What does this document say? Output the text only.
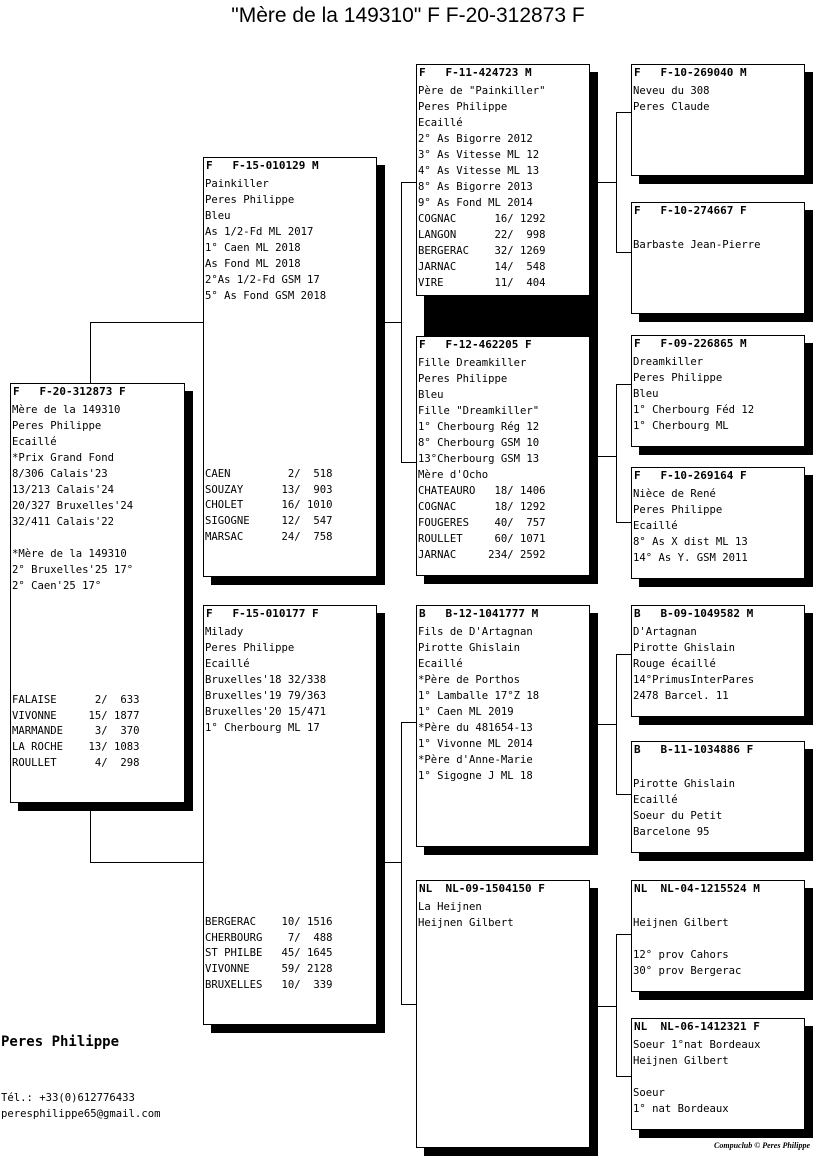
"Mère de la 149310" F F-20-312873 F
F   F-20-312873 F
Mère de la 149310
Peres Philippe
Ecaillé
*Prix Grand Fond
8/306 Calais'23
13/213 Calais'24
20/327 Bruxelles'24
32/411 Calais'22

*Mère de la 149310
2° Bruxelles'25 17°
2° Caen'25 17°
FALAISE      2/  633
VIVONNE     15/ 1877
MARMANDE     3/  370
LA ROCHE    13/ 1083
ROULLET      4/  298
F   F-15-010129 M
Painkiller
Peres Philippe
Bleu
As 1/2-Fd ML 2017
1° Caen ML 2018
As Fond ML 2018
2°As 1/2-Fd GSM 17
5° As Fond GSM 2018
CAEN         2/  518
SOUZAY      13/  903
CHOLET      16/ 1010
SIGOGNE     12/  547
MARSAC      24/  758
F   F-15-010177 F
Milady
Peres Philippe
Ecaillé
Bruxelles'18 32/338
Bruxelles'19 79/363
Bruxelles'20 15/471
1° Cherbourg ML 17
BERGERAC    10/ 1516
CHERBOURG    7/  488
ST PHILBE   45/ 1645
VIVONNE     59/ 2128
BRUXELLES   10/  339
F   F-11-424723 M
Père de "Painkiller"
Peres Philippe
Ecaillé
2° As Bigorre 2012
3° As Vitesse ML 12
4° As Vitesse ML 13
8° As Bigorre 2013
9° As Fond ML 2014
COGNAC      16/ 1292
LANGON      22/  998
BERGERAC    32/ 1269
JARNAC      14/  548
VIRE        11/  404
F   F-12-462205 F
Fille Dreamkiller
Peres Philippe
Bleu
Fille "Dreamkiller"
1° Cherbourg Rég 12
8° Cherbourg GSM 10
13°Cherbourg GSM 13
Mère d'Ocho
CHATEAURO   18/ 1406
COGNAC      18/ 1292
FOUGERES    40/  757
ROULLET     60/ 1071
JARNAC     234/ 2592
B   B-12-1041777 M
Fils de D'Artagnan
Pirotte Ghislain
Ecaillé
*Père de Porthos
1° Lamballe 17°Z 18
1° Caen ML 2019
*Père du 481654-13
1° Vivonne ML 2014
*Père d'Anne-Marie
1° Sigogne J ML 18
NL  NL-09-1504150 F
La Heijnen
Heijnen Gilbert
F   F-10-269040 M
Neveu du 308
Peres Claude
F   F-10-274667 F

Barbaste Jean-Pierre
F   F-09-226865 M
Dreamkiller
Peres Philippe
Bleu
1° Cherbourg Féd 12
1° Cherbourg ML
F   F-10-269164 F
Nièce de René
Peres Philippe
Ecaillé
8° As X dist ML 13
14° As Y. GSM 2011
B   B-09-1049582 M
D'Artagnan
Pirotte Ghislain
Rouge écaillé
14°PrimusInterPares
2478 Barcel. 11
B   B-11-1034886 F

Pirotte Ghislain
Ecaillé
Soeur du Petit
Barcelone 95
NL  NL-04-1215524 M

Heijnen Gilbert

12° prov Cahors
30° prov Bergerac
NL  NL-06-1412321 F
Soeur 1°nat Bordeaux
Heijnen Gilbert

Soeur
1° nat Bordeaux
Peres Philippe
Tél.: +33(0)612776433
peresphilippe65@gmail.com
Compuclub © Peres Philippe
